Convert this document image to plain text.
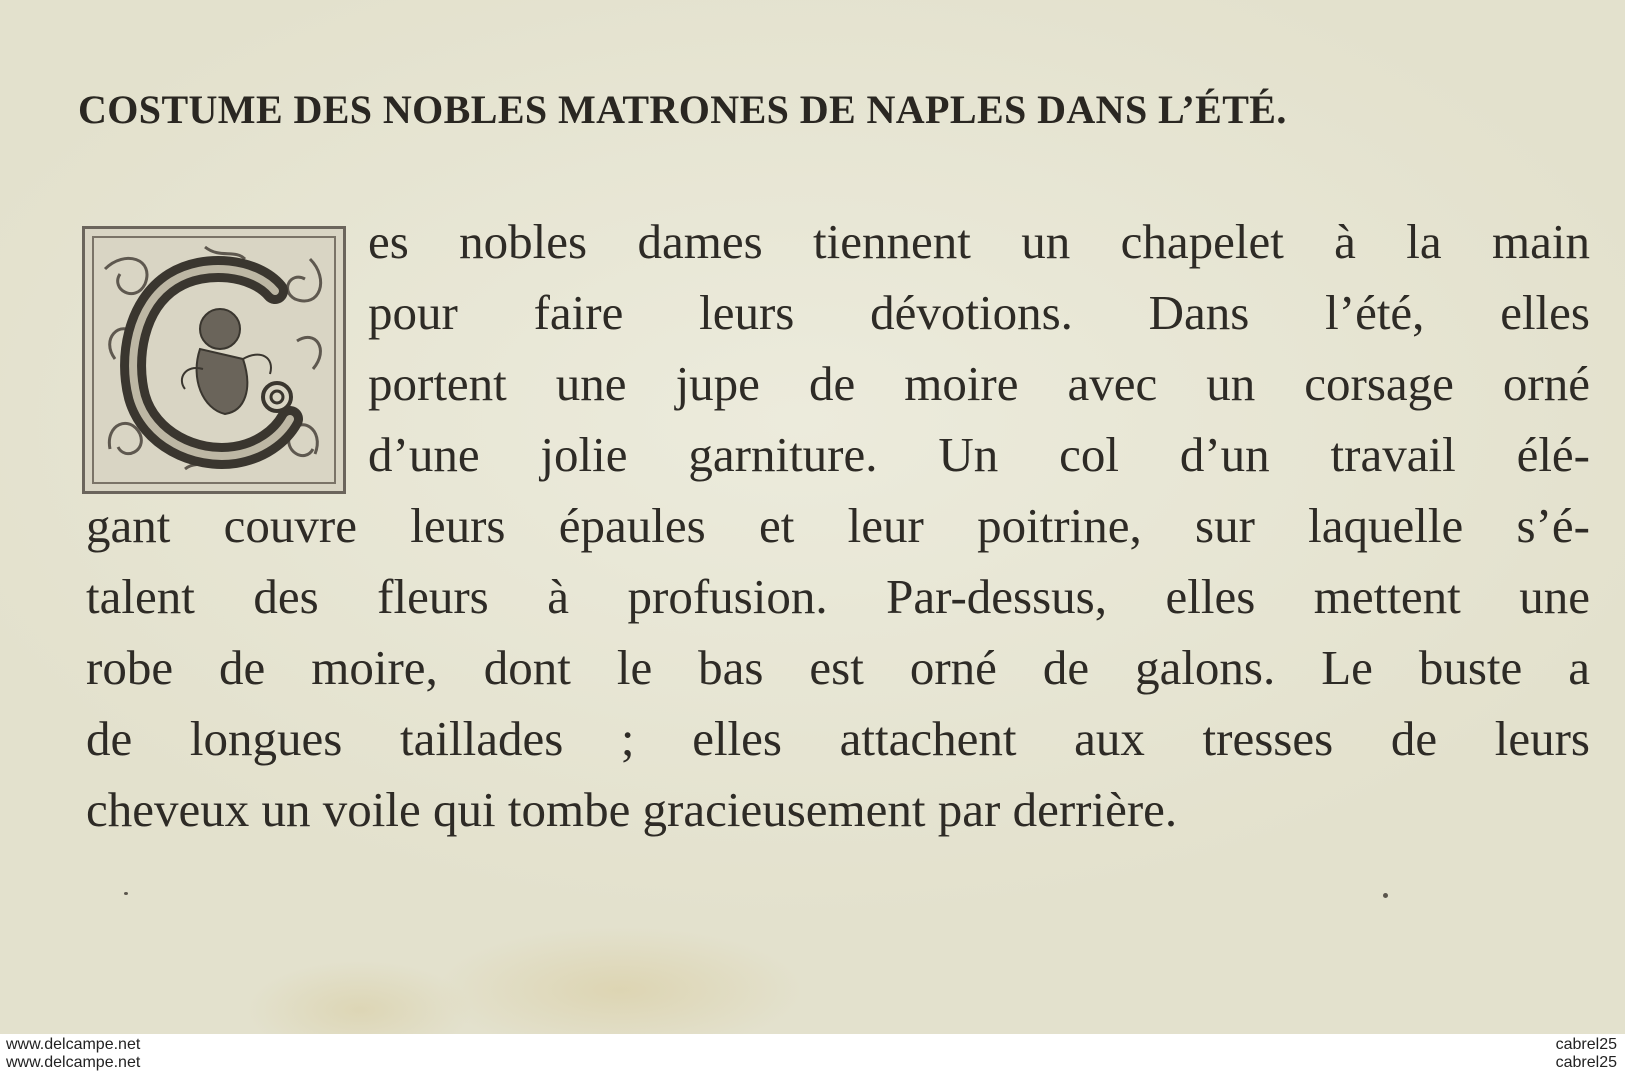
COSTUME DES NOBLES MATRONES DE NAPLES DANS L’ÉTÉ.

es nobles dames tiennent un chapelet à la main

pour faire leurs dévotions. Dans l’été, elles

portent une jupe de moire avec un corsage orné

d’une jolie garniture. Un col d’un travail élé-

gant couvre leurs épaules et leur poitrine, sur laquelle s’é-

talent des fleurs à profusion. Par-dessus, elles mettent une

robe de moire, dont le bas est orné de galons. Le buste a

de longues taillades ; elles attachent aux tresses de leurs

cheveux un voile qui tombe gracieusement par derrière.

www.delcampe.net
www.delcampe.net
cabrel25
cabrel25
